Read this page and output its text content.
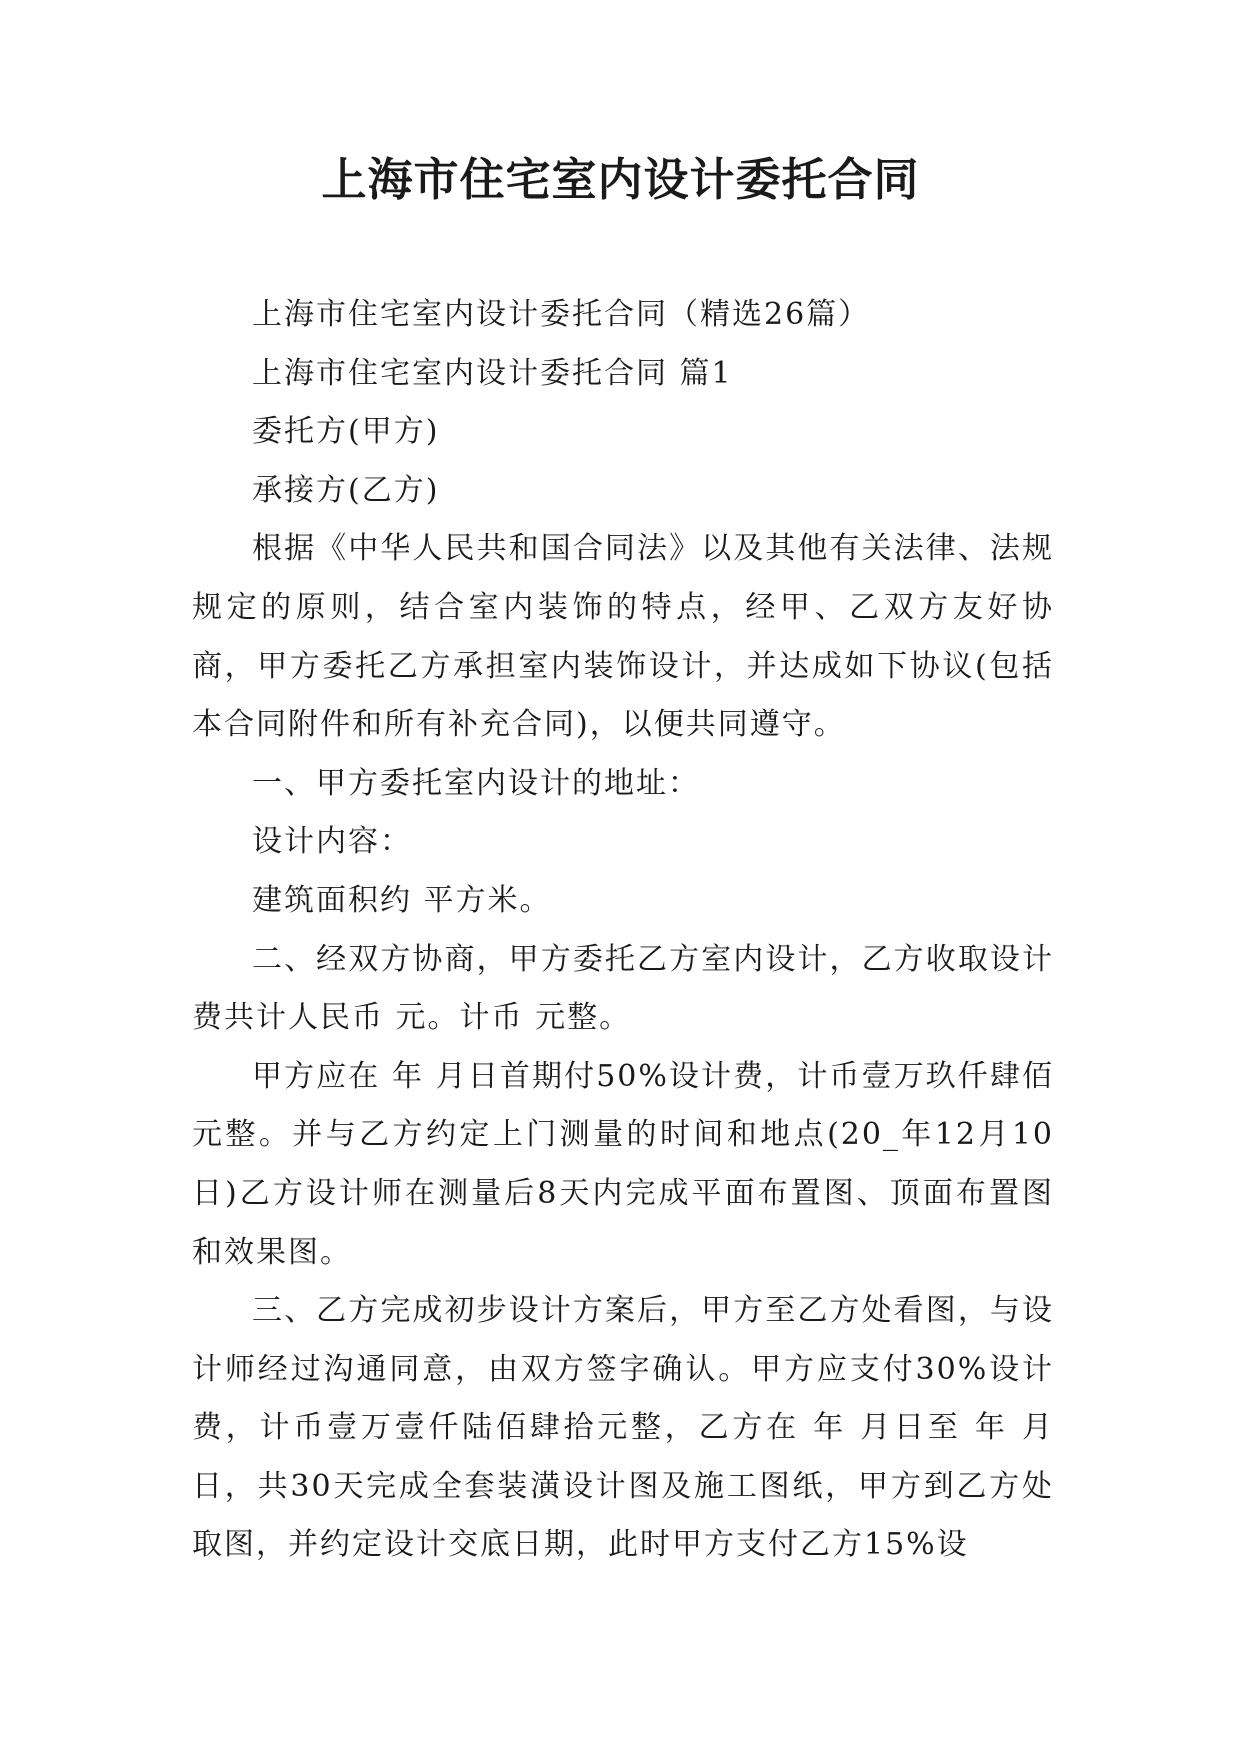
上海市住宅室内设计委托合同

上海市住宅室内设计委托合同（精选26篇）

上海市住宅室内设计委托合同 篇1

委托方(甲方)

承接方(乙方)

根据《中华人民共和国合同法》以及其他有关法律、法规规定的原则，结合室内装饰的特点，经甲、乙双方友好协商，甲方委托乙方承担室内装饰设计，并达成如下协议(包括本合同附件和所有补充合同)，以便共同遵守。

一、甲方委托室内设计的地址：

设计内容：

建筑面积约 平方米。

二、经双方协商，甲方委托乙方室内设计，乙方收取设计费共计人民币 元。计币 元整。

甲方应在 年 月日首期付50%设计费，计币壹万玖仟肆佰元整。并与乙方约定上门测量的时间和地点(20_年12月10日)乙方设计师在测量后8天内完成平面布置图、顶面布置图和效果图。

三、乙方完成初步设计方案后，甲方至乙方处看图，与设计师经过沟通同意，由双方签字确认。甲方应支付30%设计费，计币壹万壹仟陆佰肆拾元整，乙方在 年 月日至 年 月日，共30天完成全套装潢设计图及施工图纸，甲方到乙方处取图，并约定设计交底日期，此时甲方支付乙方15%设
